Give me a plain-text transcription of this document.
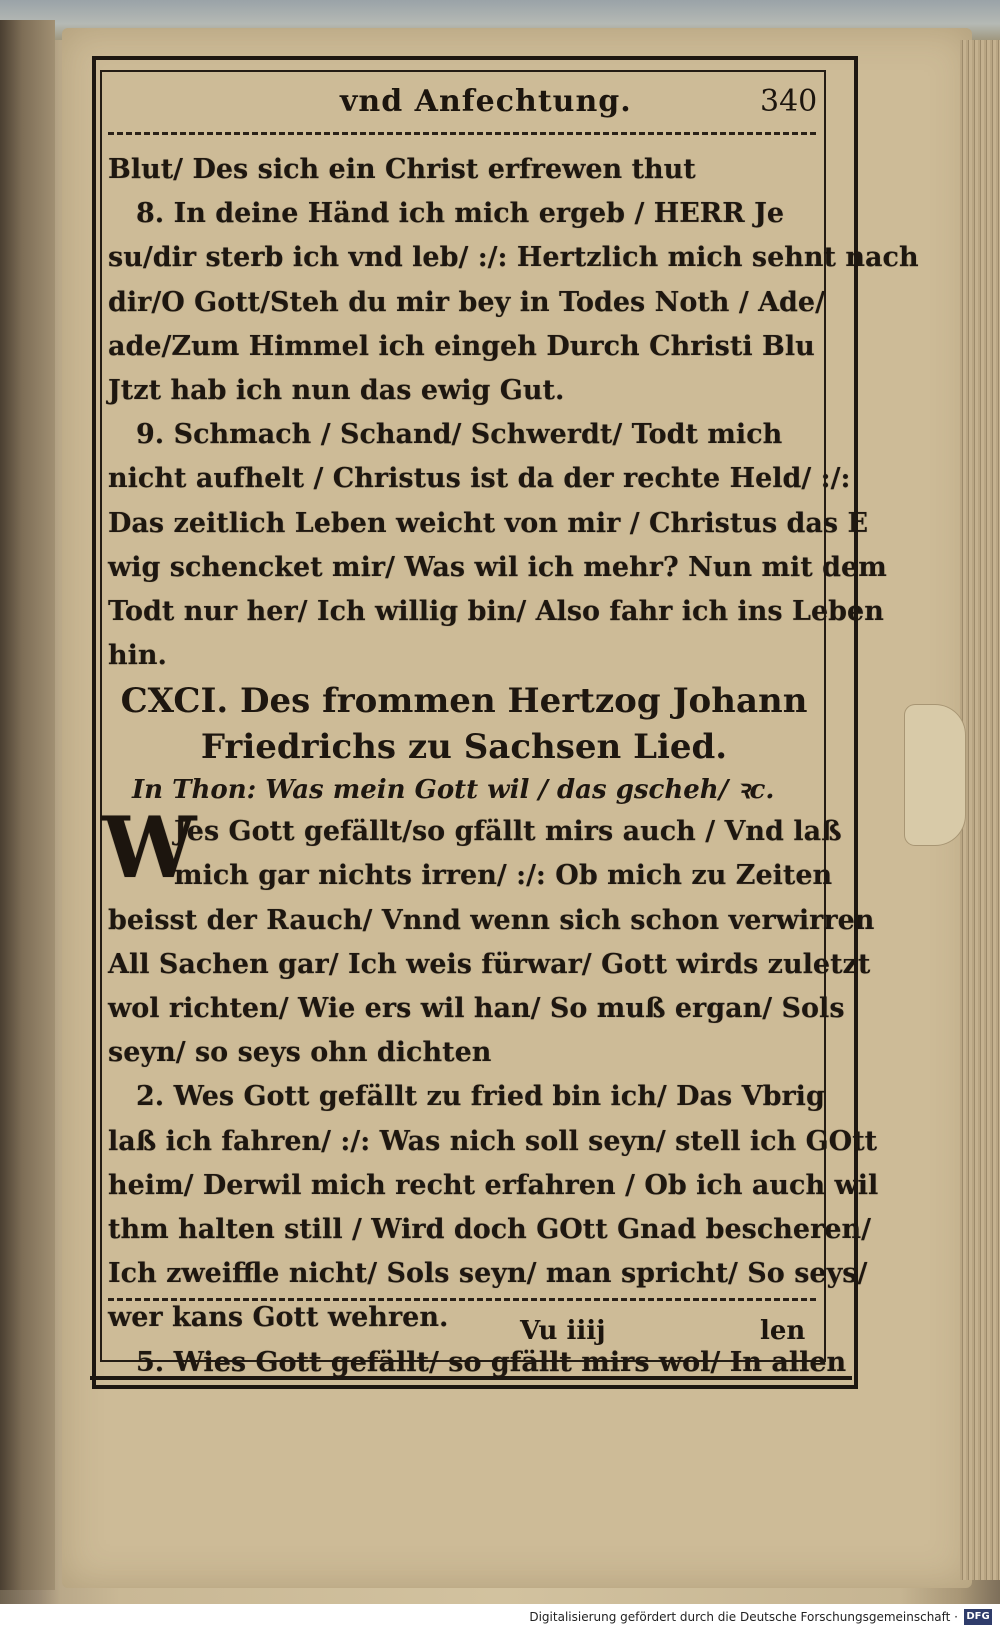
vnd Anfechtung.	340
Blut/ Des sich ein Christ erfrewen thut
8. In deine Händ ich mich ergeb / HERR Je
su/dir sterb ich vnd leb/ :/: Hertzlich mich sehnt nach
dir/O Gott/Steh du mir bey in Todes Noth / Ade/
ade/Zum Himmel ich eingeh Durch Christi Blu
Jtzt hab ich nun das ewig Gut.
9. Schmach / Schand/ Schwerdt/ Todt mich
nicht aufhelt / Christus ist da der rechte Held/ :/:
Das zeitlich Leben weicht von mir / Christus das E
wig schencket mir/ Was wil ich mehr? Nun mit dem
Todt nur her/ Ich willig bin/ Also fahr ich ins Leben
hin.
CXCI. Des frommen Hertzog Johann
Friedrichs zu Sachsen Lied.
In Thon: Was mein Gott wil / das gscheh/ ꝛc.
W
Jes Gott gefällt/so gfällt mirs auch / Vnd laß
mich gar nichts irren/ :/: Ob mich zu Zeiten
beisst der Rauch/ Vnnd wenn sich schon verwirren
All Sachen gar/ Ich weis fürwar/ Gott wirds zuletzt
wol richten/ Wie ers wil han/ So muß ergan/ Sols
seyn/ so seys ohn dichten
2. Wes Gott gefällt zu fried bin ich/ Das Vbrig
laß ich fahren/ :/: Was nich soll seyn/ stell ich GOtt
heim/ Derwil mich recht erfahren / Ob ich auch wil
thm halten still / Wird doch GOtt Gnad bescheren/
Ich zweiffle nicht/ Sols seyn/ man spricht/ So seys/
wer kans Gott wehren.
5. Wies Gott gefällt/ so gfällt mirs wol/ In allen
Vu iiij	len
Digitalisierung gefördert durch die Deutsche Forschungsgemeinschaft · DFG
